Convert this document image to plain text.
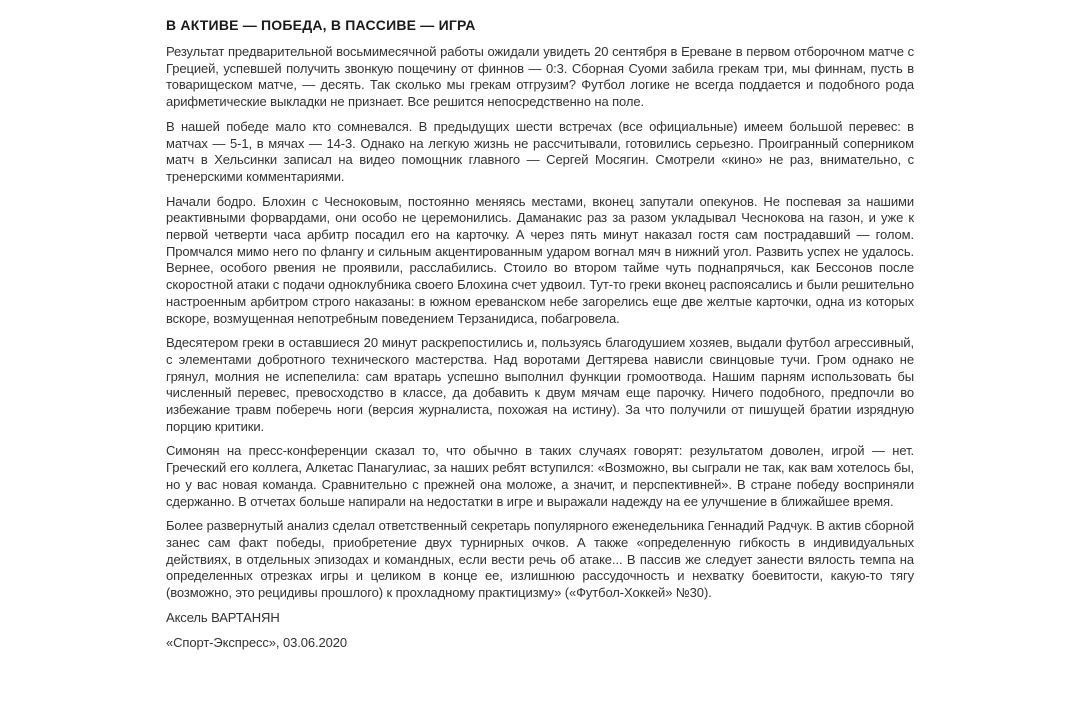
В АКТИВЕ — ПОБЕДА, В ПАССИВЕ — ИГРА

Результат предварительной восьмимесячной работы ожидали увидеть 20 сентября в Ереване в первом отборочном матче с Грецией, успевшей получить звонкую пощечину от финнов — 0:3. Сборная Суоми забила грекам три, мы финнам, пусть в товарищеском матче, — десять. Так сколько мы грекам отгрузим? Футбол логике не всегда поддается и подобного рода арифметические выкладки не признает. Все решится непосредственно на поле.

В нашей победе мало кто сомневался. В предыдущих шести встречах (все официальные) имеем большой перевес: в матчах — 5-1, в мячах — 14-3. Однако на легкую жизнь не рассчитывали, готовились серьезно. Проигранный соперником матч в Хельсинки записал на видео помощник главного — Сергей Мосягин. Смотрели «кино» не раз, внимательно, с тренерскими комментариями.

Начали бодро. Блохин с Чесноковым, постоянно меняясь местами, вконец запутали опекунов. Не поспевая за нашими реактивными форвардами, они особо не церемонились. Даманакис раз за разом укладывал Чеснокова на газон, и уже к первой четверти часа арбитр посадил его на карточку. А через пять минут наказал гостя сам пострадавший — голом. Промчался мимо него по флангу и сильным акцентированным ударом вогнал мяч в нижний угол. Развить успех не удалось. Вернее, особого рвения не проявили, расслабились. Стоило во втором тайме чуть поднапрячься, как Бессонов после скоростной атаки с подачи одноклубника своего Блохина счет удвоил. Тут-то греки вконец распоясались и были решительно настроенным арбитром строго наказаны: в южном ереванском небе загорелись еще две желтые карточки, одна из которых вскоре, возмущенная непотребным поведением Терзанидиса, побагровела.

Вдесятером греки в оставшиеся 20 минут раскрепостились и, пользуясь благодушием хозяев, выдали футбол агрессивный, с элементами добротного технического мастерства. Над воротами Дегтярева нависли свинцовые тучи. Гром однако не грянул, молния не испепелила: сам вратарь успешно выполнил функции громоотвода. Нашим парням использовать бы численный перевес, превосходство в классе, да добавить к двум мячам еще парочку. Ничего подобного, предпочли во избежание травм поберечь ноги (версия журналиста, похожая на истину). За что получили от пишущей братии изрядную порцию критики.

Симонян на пресс-конференции сказал то, что обычно в таких случаях говорят: результатом доволен, игрой — нет. Греческий его коллега, Алкетас Панагулиас, за наших ребят вступился: «Возможно, вы сыграли не так, как вам хотелось бы, но у вас новая команда. Сравнительно с прежней она моложе, а значит, и перспективней». В стране победу восприняли сдержанно. В отчетах больше напирали на недостатки в игре и выражали надежду на ее улучшение в ближайшее время.

Более развернутый анализ сделал ответственный секретарь популярного еженедельника Геннадий Радчук. В актив сборной занес сам факт победы, приобретение двух турнирных очков. А также «определенную гибкость в индивидуальных действиях, в отдельных эпизодах и командных, если вести речь об атаке... В пассив же следует занести вялость темпа на определенных отрезках игры и целиком в конце ее, излишнюю рассудочность и нехватку боевитости, какую-то тягу (возможно, это рецидивы прошлого) к прохладному практицизму» («Футбол-Хоккей» №30).

Аксель ВАРТАНЯН

«Спорт-Экспресс», 03.06.2020
